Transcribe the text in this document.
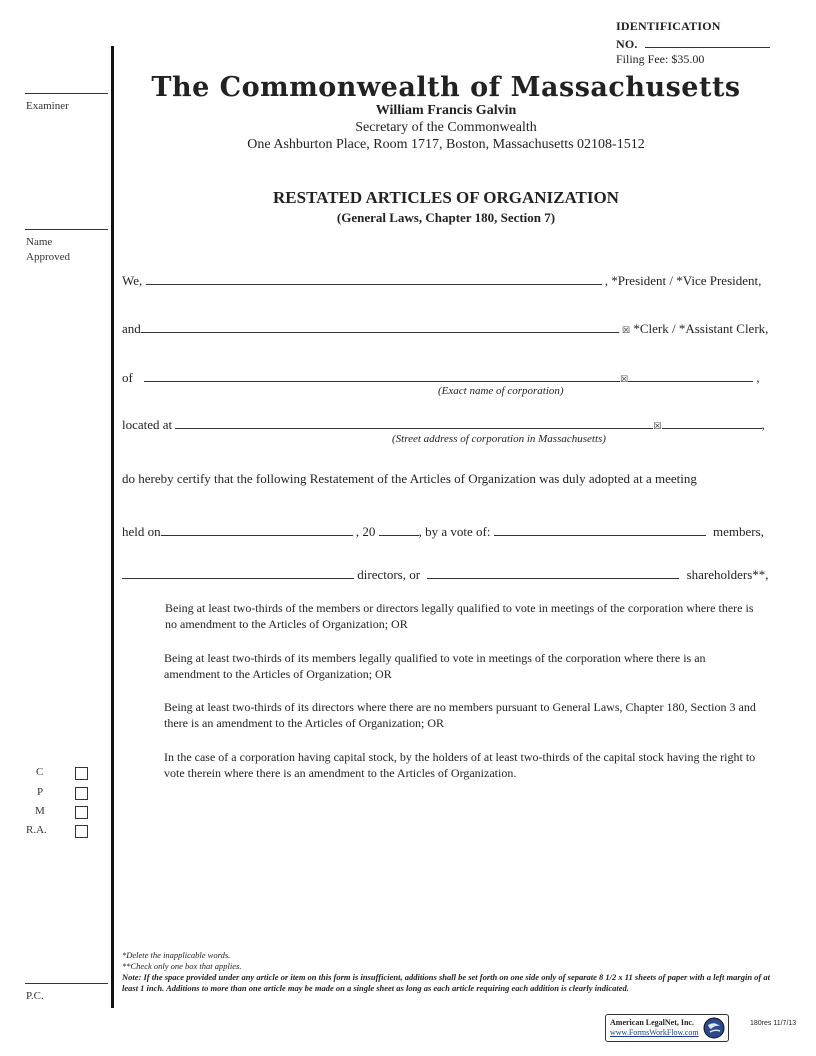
Examiner
Name
Approved
C
P
M
R.A.
P.C.
IDENTIFICATION
NO.
Filing Fee: $35.00
The Commonwealth of Massachusetts
William Francis Galvin
Secretary of the Commonwealth
One Ashburton Place, Room 1717, Boston, Massachusetts 02108-1512
RESTATED ARTICLES OF ORGANIZATION
(General Laws, Chapter 180, Section 7)
We,	, *President / *Vice President,
and	☒ *Clerk / *Assistant Clerk,
of	☒	,
(Exact name of corporation)
located at	☒	,
(Street address of corporation in Massachusetts)
do hereby certify that the following Restatement of the Articles of Organization was duly adopted at a meeting
held on	, 20	, by a vote of:	members,
directors, or	shareholders**,
Being at least two-thirds of the members or directors legally qualified to vote in meetings of the corporation where there is no amendment to the Articles of Organization; OR
Being at least two-thirds of its members legally qualified to vote in meetings of the corporation where there is an amendment to the Articles of Organization; OR
Being at least two-thirds of its directors where there are no members pursuant to General Laws, Chapter 180, Section 3 and there is an amendment to the Articles of Organization; OR
In the case of a corporation having capital stock, by the holders of at least two-thirds of the capital stock having the right to vote therein where there is an amendment to the Articles of Organization.
*Delete the inapplicable words.
**Check only one box that applies.
Note: If the space provided under any article or item on this form is insufficient, additions shall be set forth on one side only of separate 8 1/2 x 11 sheets of paper with a left margin of at least 1 inch. Additions to more than one article may be made on a single sheet as long as each article requiring each addition is clearly indicated.
American LegalNet, Inc.
www.FormsWorkFlow.com
180res 11/7/13
